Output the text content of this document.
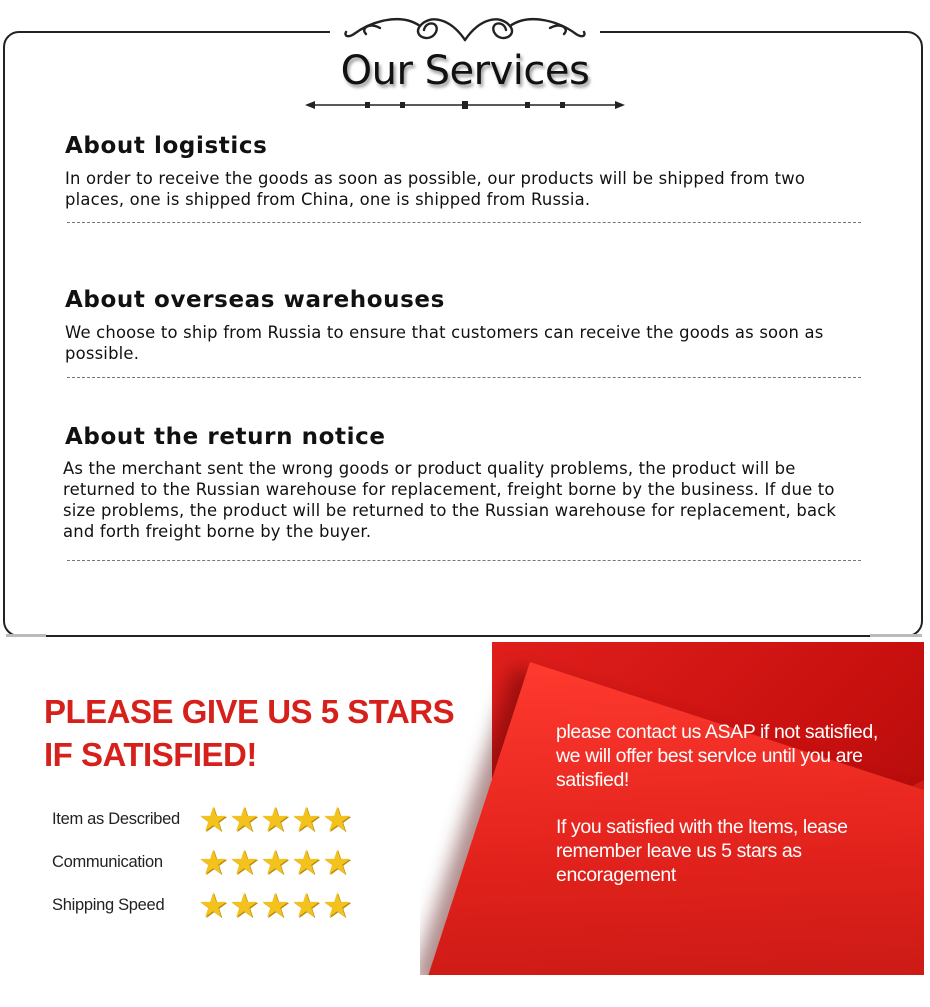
Our Services
About logistics

In order to receive the goods as soon as possible, our products will be shipped from two places, one is shipped from China, one is shipped from Russia.

About overseas warehouses

We choose to ship from Russia to ensure that customers can receive the goods as soon as possible.

About the return notice

As the merchant sent the wrong goods or product quality problems, the product will be returned to the Russian warehouse for replacement, freight borne by the business. If due to size problems, the product will be returned to the Russian warehouse for replacement, back and forth freight borne by the buyer.

PLEASE GIVE US 5 STARS IF SATISFIED!
Item as Described ★ ★ ★ ★ ★
Communication	★ ★ ★ ★ ★
Shipping Speed ★ ★ ★ ★ ★
please contact us ASAP if not satisfied, we will offer best servlce until you are satisfied!
If you satisfied with the ltems, lease remember leave us 5 stars as encoragement
